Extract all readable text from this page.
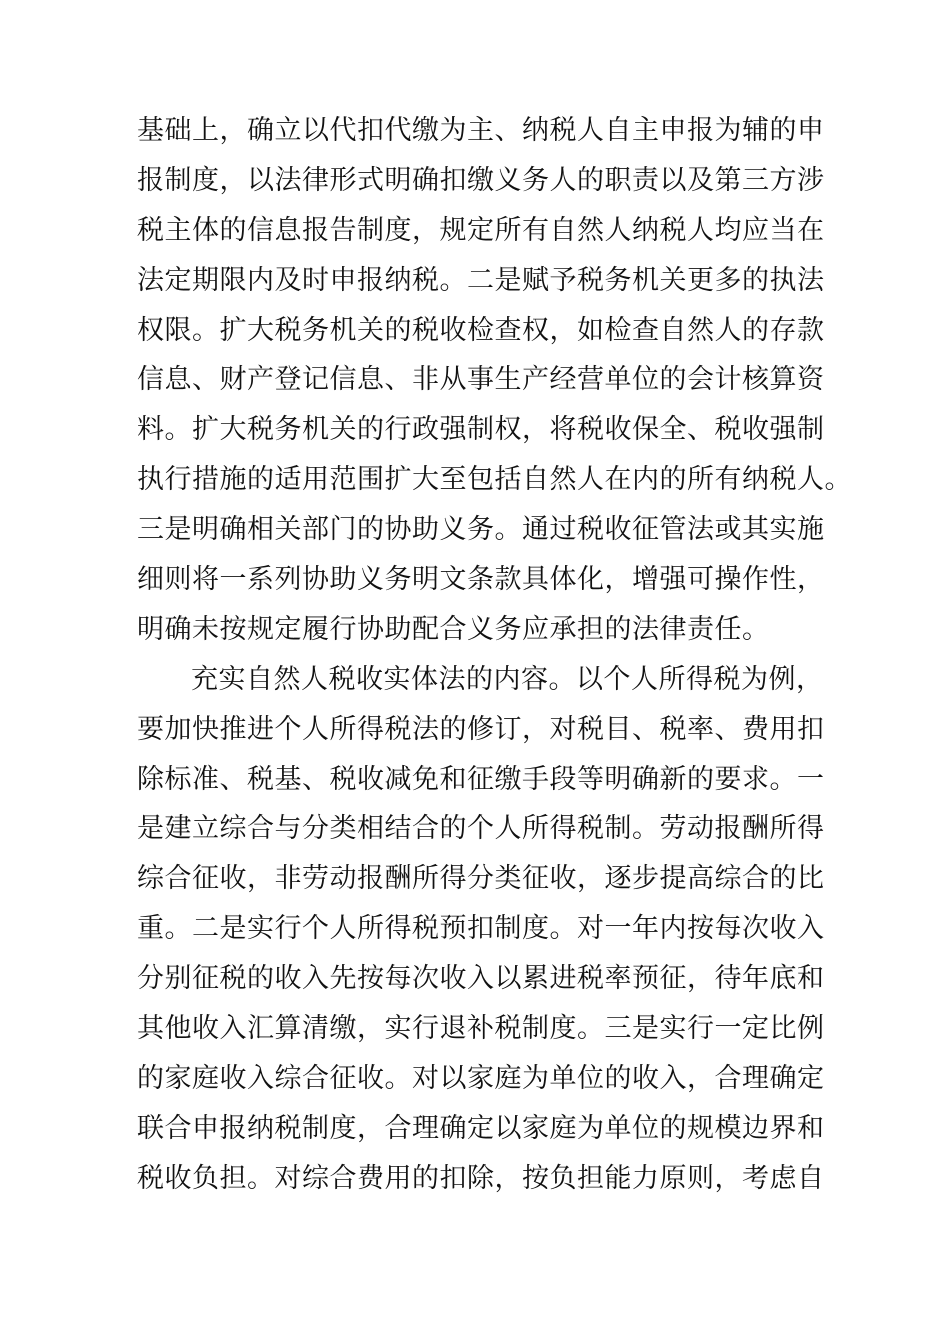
基础上，确立以代扣代缴为主、纳税人自主申报为辅的申
报制度，以法律形式明确扣缴义务人的职责以及第三方涉
税主体的信息报告制度，规定所有自然人纳税人均应当在
法定期限内及时申报纳税。二是赋予税务机关更多的执法
权限。扩大税务机关的税收检查权，如检查自然人的存款
信息、财产登记信息、非从事生产经营单位的会计核算资
料。扩大税务机关的行政强制权，将税收保全、税收强制
执行措施的适用范围扩大至包括自然人在内的所有纳税人。
三是明确相关部门的协助义务。通过税收征管法或其实施
细则将一系列协助义务明文条款具体化，增强可操作性，
明确未按规定履行协助配合义务应承担的法律责任。
充实自然人税收实体法的内容。以个人所得税为例，
要加快推进个人所得税法的修订，对税目、税率、费用扣
除标准、税基、税收减免和征缴手段等明确新的要求。一
是建立综合与分类相结合的个人所得税制。劳动报酬所得
综合征收，非劳动报酬所得分类征收，逐步提高综合的比
重。二是实行个人所得税预扣制度。对一年内按每次收入
分别征税的收入先按每次收入以累进税率预征，待年底和
其他收入汇算清缴，实行退补税制度。三是实行一定比例
的家庭收入综合征收。对以家庭为单位的收入，合理确定
联合申报纳税制度，合理确定以家庭为单位的规模边界和
税收负担。对综合费用的扣除，按负担能力原则，考虑自
